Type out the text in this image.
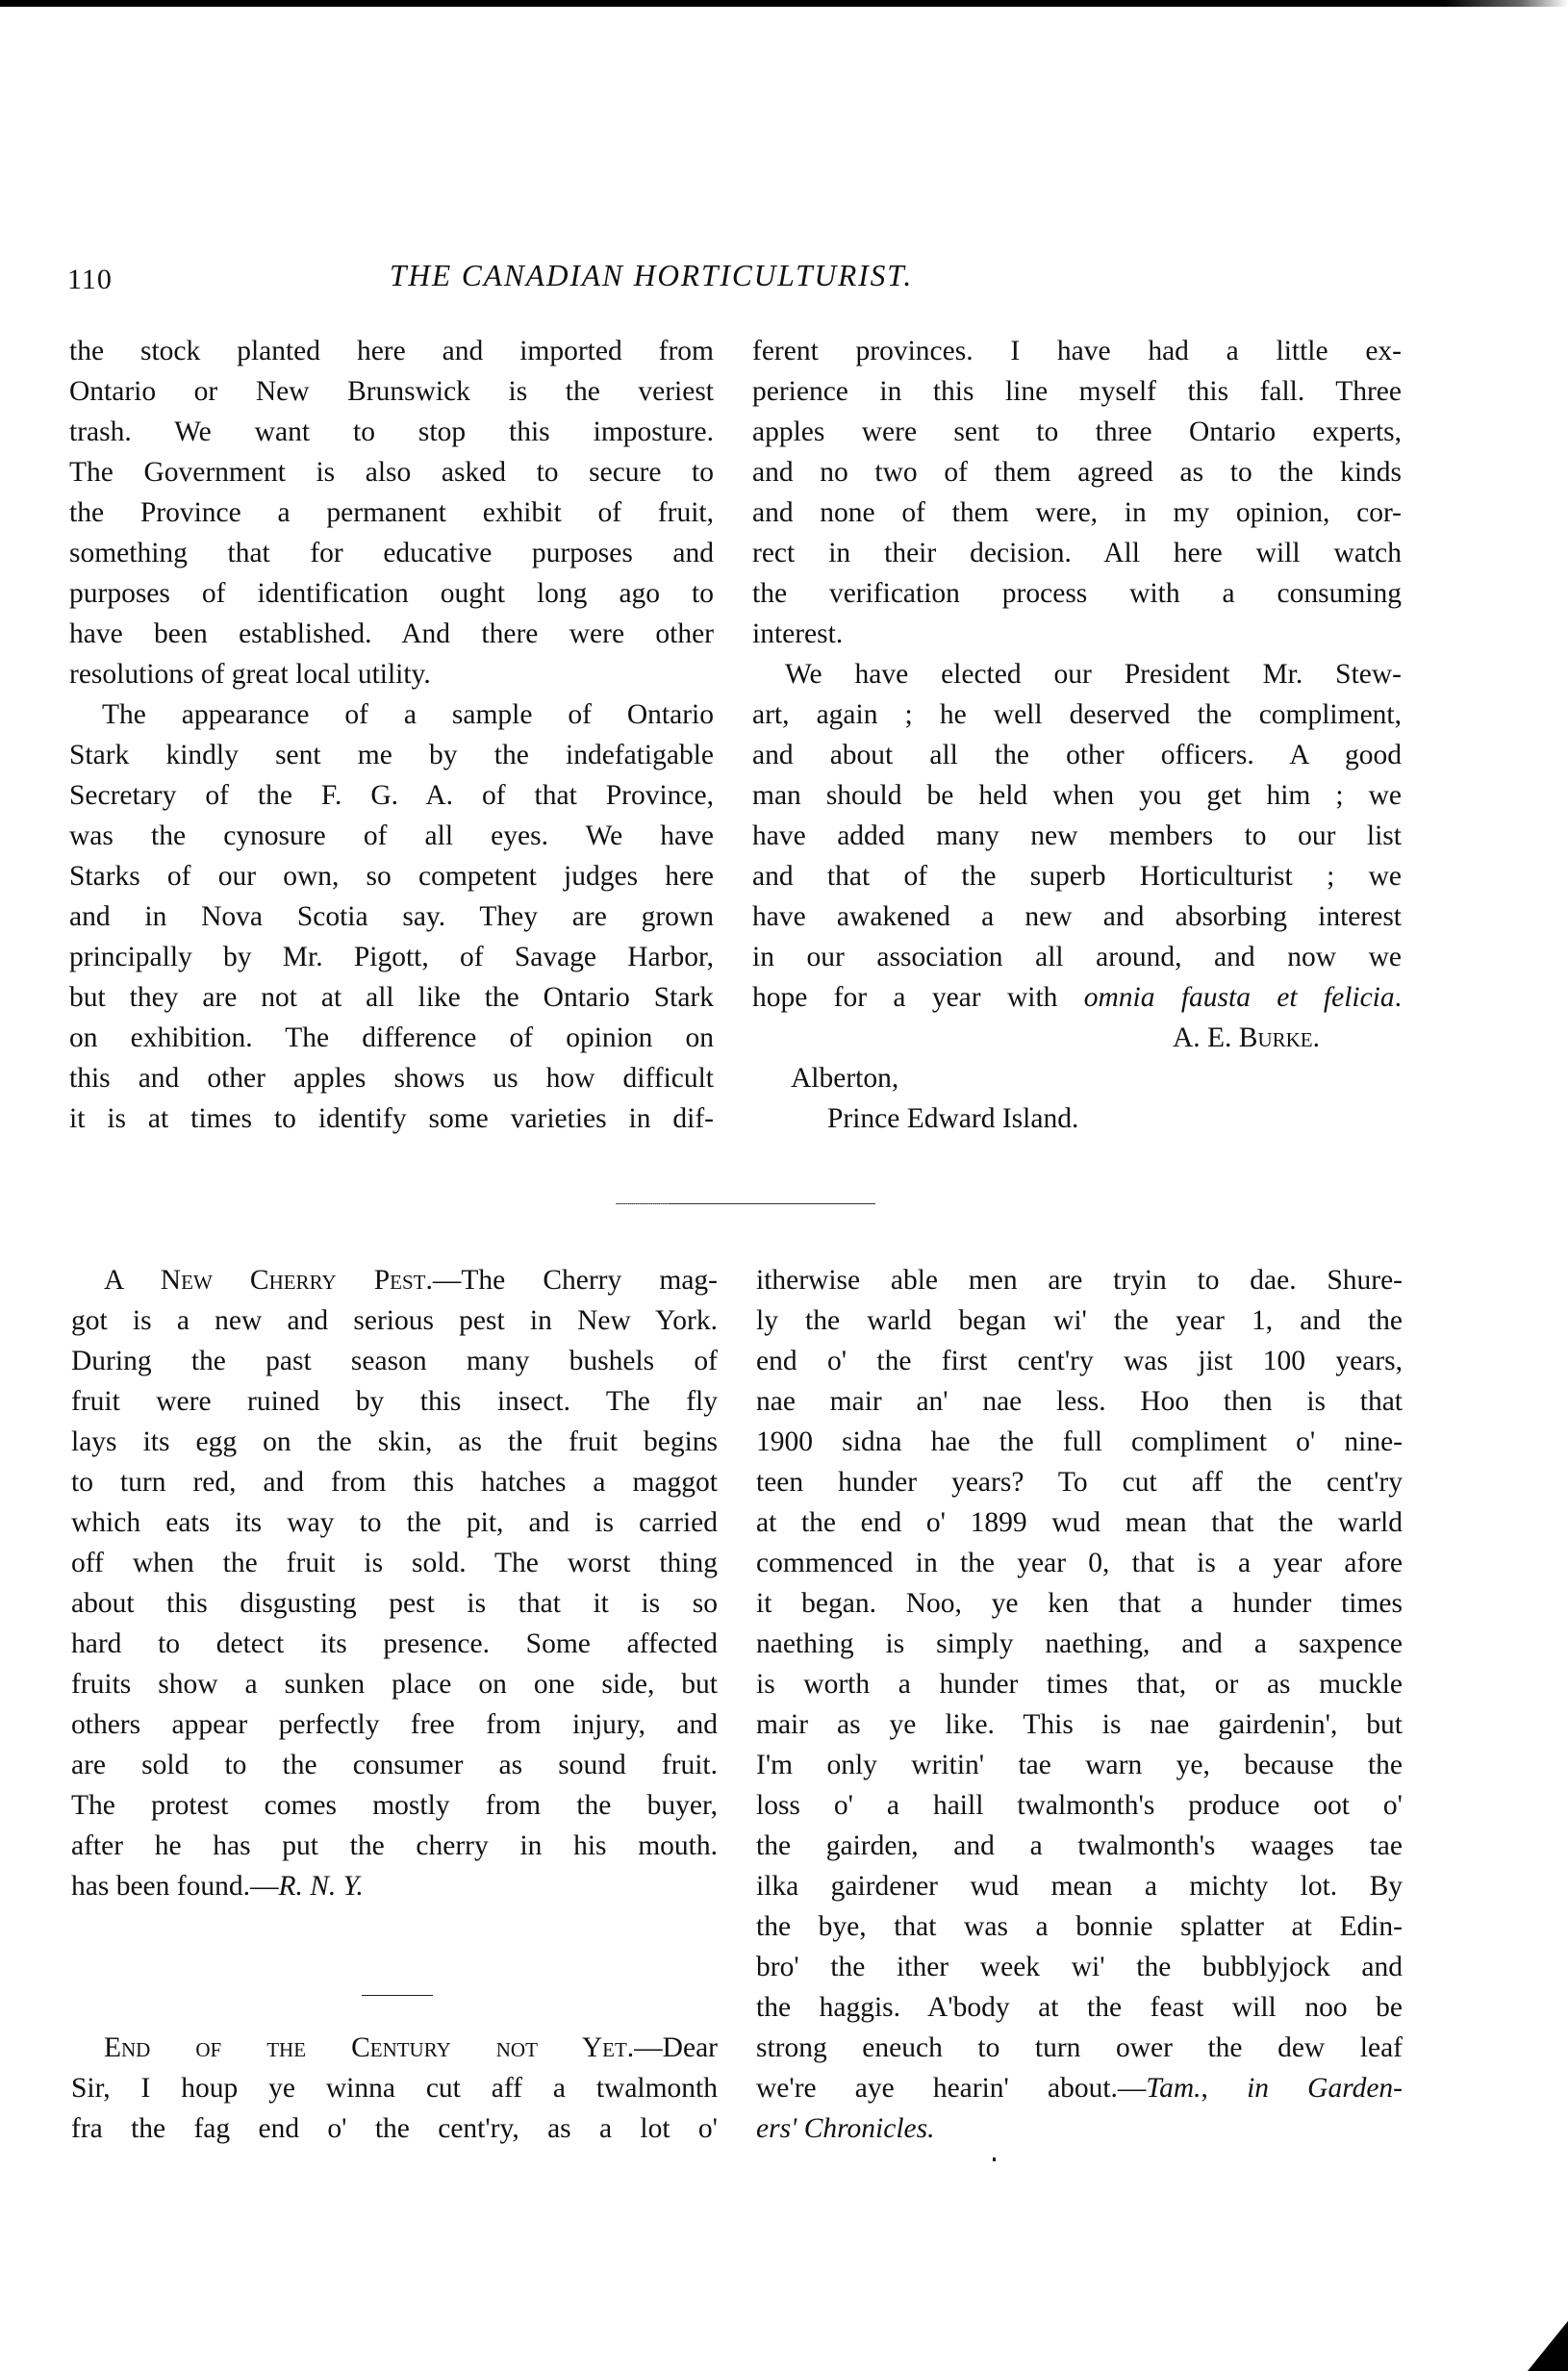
110	THE CANADIAN HORTICULTURIST.
the stock planted here and imported from
Ontario or New Brunswick is the veriest
trash. We want to stop this imposture.
The Government is also asked to secure to
the Province a permanent exhibit of fruit,
something that for educative purposes and
purposes of identification ought long ago to
have been established. And there were other
resolutions of great local utility.
The appearance of a sample of Ontario
Stark kindly sent me by the indefatigable
Secretary of the F. G. A. of that Province,
was the cynosure of all eyes. We have
Starks of our own, so competent judges here
and in Nova Scotia say. They are grown
principally by Mr. Pigott, of Savage Harbor,
but they are not at all like the Ontario Stark
on exhibition. The difference of opinion on
this and other apples shows us how difficult
it is at times to identify some varieties in dif-
ferent provinces. I have had a little ex-
perience in this line myself this fall. Three
apples were sent to three Ontario experts,
and no two of them agreed as to the kinds
and none of them were, in my opinion, cor-
rect in their decision. All here will watch
the verification process with a consuming
interest.
We have elected our President Mr. Stew-
art, again ; he well deserved the compliment,
and about all the other officers. A good
man should be held when you get him ; we
have added many new members to our list
and that of the superb Horticulturist ; we
have awakened a new and absorbing interest
in our association all around, and now we
hope for a year with omnia fausta et felicia.
A. E. Burke.
Alberton,
Prince Edward Island.
A New Cherry Pest.—The Cherry mag-
got is a new and serious pest in New York.
During the past season many bushels of
fruit were ruined by this insect. The fly
lays its egg on the skin, as the fruit begins
to turn red, and from this hatches a maggot
which eats its way to the pit, and is carried
off when the fruit is sold. The worst thing
about this disgusting pest is that it is so
hard to detect its presence. Some affected
fruits show a sunken place on one side, but
others appear perfectly free from injury, and
are sold to the consumer as sound fruit.
The protest comes mostly from the buyer,
after he has put the cherry in his mouth.
has been found.—R. N. Y.
End of the Century not Yet.—Dear
Sir, I houp ye winna cut aff a twalmonth
fra the fag end o' the cent'ry, as a lot o'
itherwise able men are tryin to dae. Shure-
ly the warld began wi' the year 1, and the
end o' the first cent'ry was jist 100 years,
nae mair an' nae less. Hoo then is that
1900 sidna hae the full compliment o' nine-
teen hunder years? To cut aff the cent'ry
at the end o' 1899 wud mean that the warld
commenced in the year 0, that is a year afore
it began. Noo, ye ken that a hunder times
naething is simply naething, and a saxpence
is worth a hunder times that, or as muckle
mair as ye like. This is nae gairdenin', but
I'm only writin' tae warn ye, because the
loss o' a haill twalmonth's produce oot o'
the gairden, and a twalmonth's waages tae
ilka gairdener wud mean a michty lot. By
the bye, that was a bonnie splatter at Edin-
bro' the ither week wi' the bubblyjock and
the haggis. A'body at the feast will noo be
strong eneuch to turn ower the dew leaf
we're aye hearin' about.—Tam., in Garden-
ers' Chronicles.
